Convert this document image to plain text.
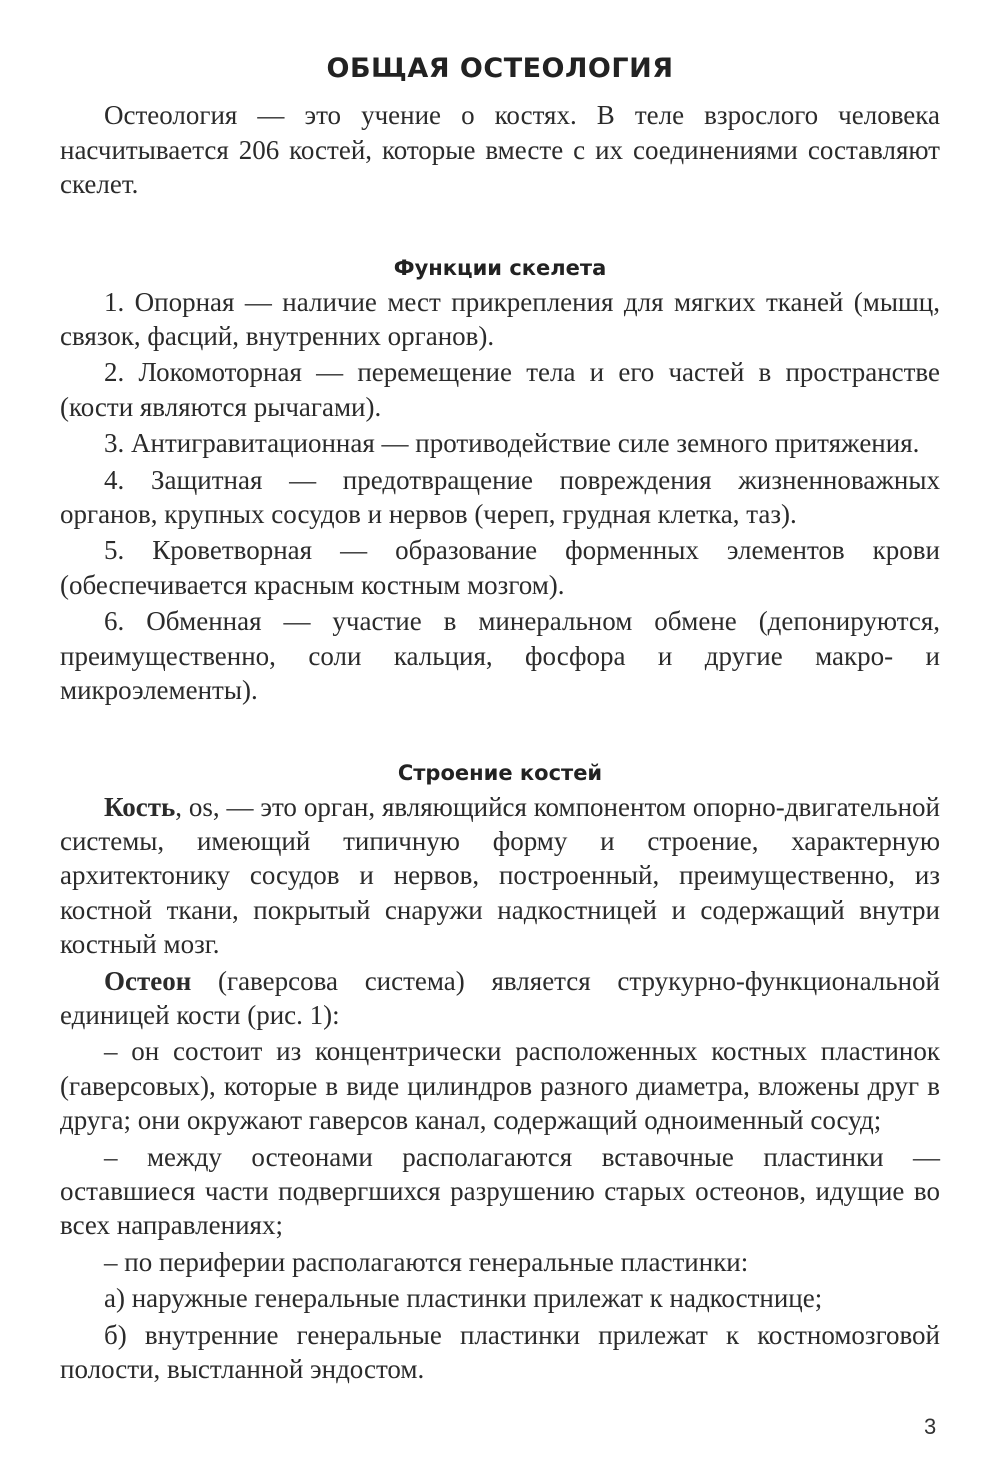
ОБЩАЯ ОСТЕОЛОГИЯ

Остеология — это учение о костях. В теле взрослого человека насчитывается 206 костей, которые вместе с их соединениями составляют скелет.

Функции скелета

1. Опорная — наличие мест прикрепления для мягких тканей (мышц, связок, фасций, внутренних органов).

2. Локомоторная — перемещение тела и его частей в пространстве (кости являются рычагами).

3. Антигравитационная — противодействие силе земного притяжения.

4. Защитная — предотвращение повреждения жизненноважных органов, крупных сосудов и нервов (череп, грудная клетка, таз).

5. Кроветворная — образование форменных элементов крови (обеспечивается красным костным мозгом).

6. Обменная — участие в минеральном обмене (депонируются, преимущественно, соли кальция, фосфора и другие макро- и микроэлементы).

Строение костей

Кость, os, — это орган, являющийся компонентом опорно-двигательной системы, имеющий типичную форму и строение, характерную архитектонику сосудов и нервов, построенный, преимущественно, из костной ткани, покрытый снаружи надкостницей и содержащий внутри костный мозг.

Остеон (гаверсова система) является струкурно-функциональной единицей кости (рис. 1):

– он состоит из концентрически расположенных костных пластинок (гаверсовых), которые в виде цилиндров разного диаметра, вложены друг в друга; они окружают гаверсов канал, содержащий одноименный сосуд;

– между остеонами располагаются вставочные пластинки — оставшиеся части подвергшихся разрушению старых остеонов, идущие во всех направлениях;

– по периферии располагаются генеральные пластинки:

а) наружные генеральные пластинки прилежат к надкостнице;

б) внутренние генеральные пластинки прилежат к костномозговой полости, выстланной эндостом.

3
